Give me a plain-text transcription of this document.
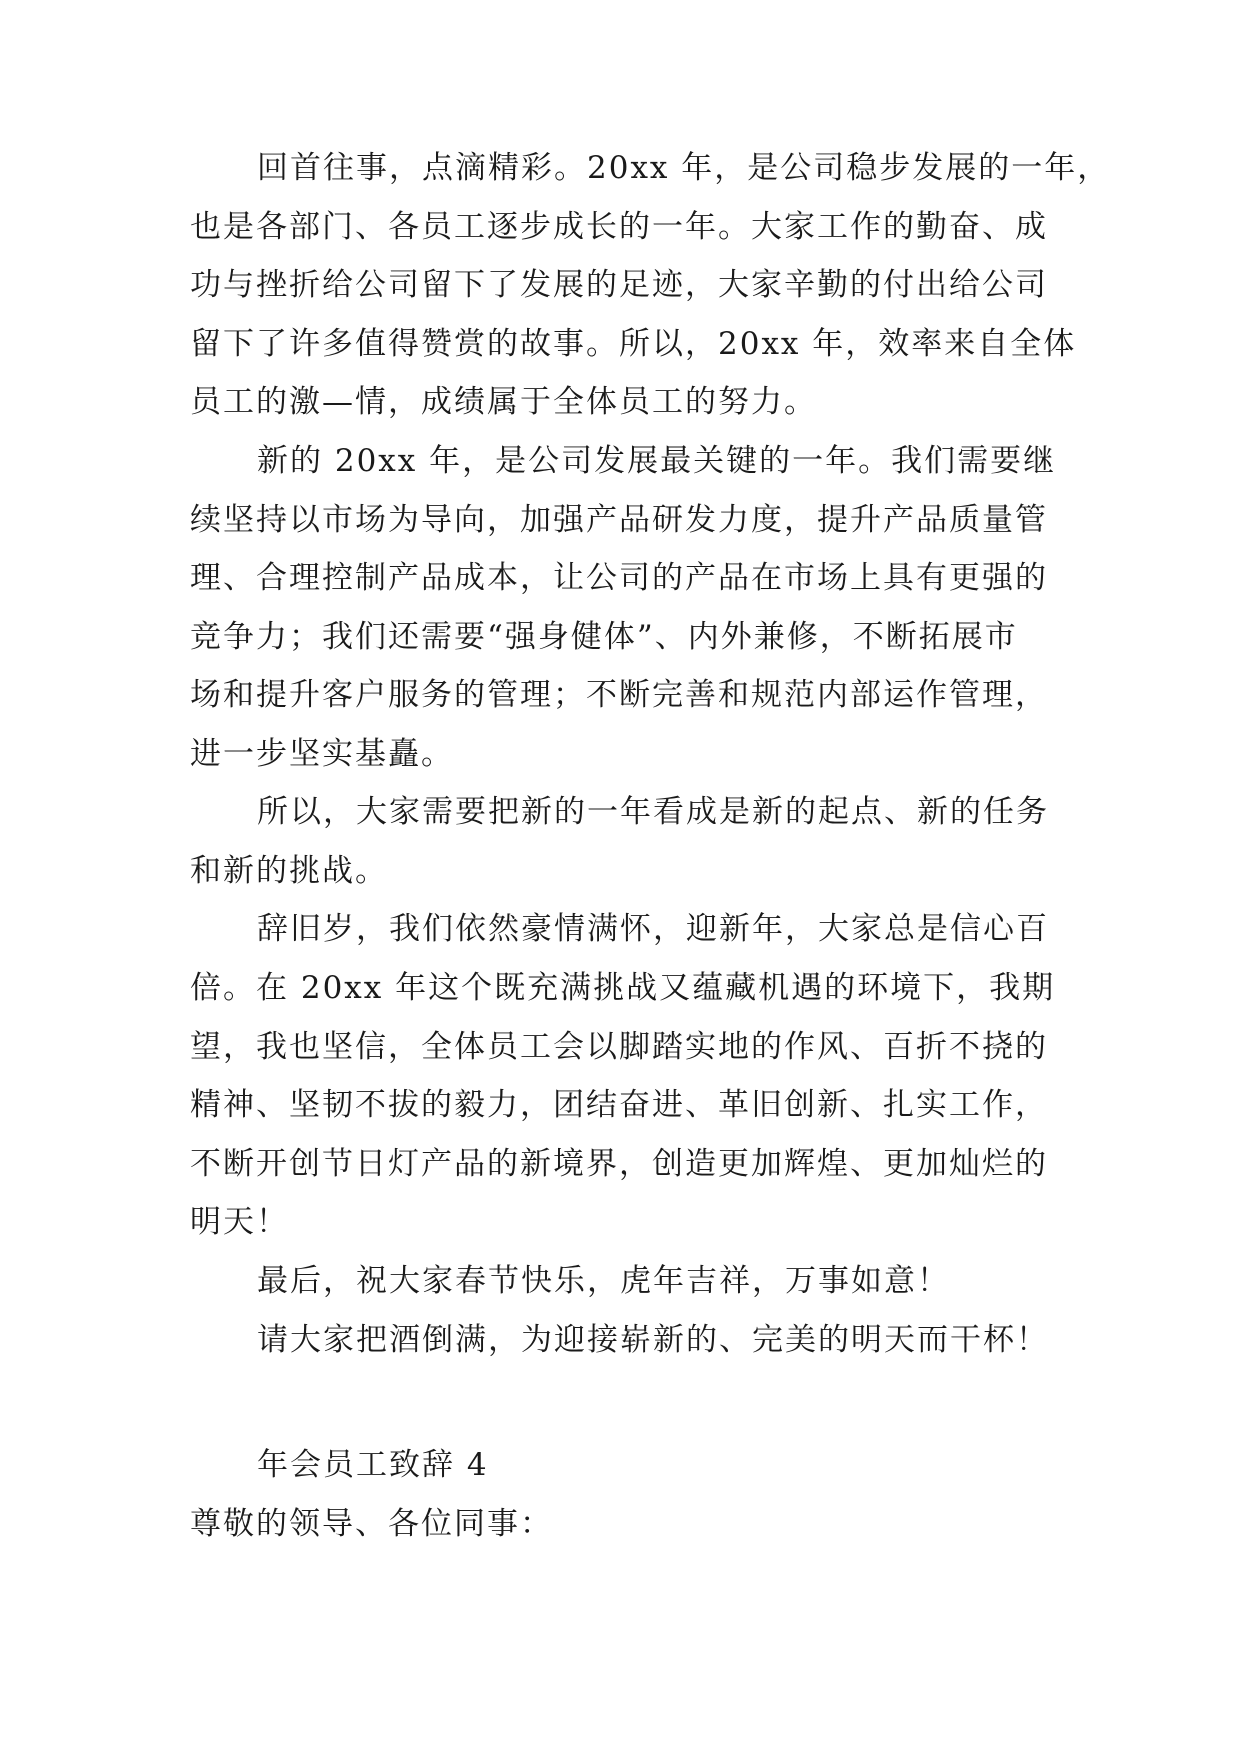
回首往事，点滴精彩。20xx 年，是公司稳步发展的一年，
也是各部门、各员工逐步成长的一年。大家工作的勤奋、成
功与挫折给公司留下了发展的足迹，大家辛勤的付出给公司
留下了许多值得赞赏的故事。所以，20xx 年，效率来自全体
员工的激—情，成绩属于全体员工的努力。
新的 20xx 年，是公司发展最关键的一年。我们需要继
续坚持以市场为导向，加强产品研发力度，提升产品质量管
理、合理控制产品成本，让公司的产品在市场上具有更强的
竞争力；我们还需要“强身健体”、内外兼修，不断拓展市
场和提升客户服务的管理；不断完善和规范内部运作管理，
进一步坚实基矗。
所以，大家需要把新的一年看成是新的起点、新的任务
和新的挑战。
辞旧岁，我们依然豪情满怀，迎新年，大家总是信心百
倍。在 20xx 年这个既充满挑战又蕴藏机遇的环境下，我期
望，我也坚信，全体员工会以脚踏实地的作风、百折不挠的
精神、坚韧不拔的毅力，团结奋进、革旧创新、扎实工作，
不断开创节日灯产品的新境界，创造更加辉煌、更加灿烂的
明天！
最后，祝大家春节快乐，虎年吉祥，万事如意！
请大家把酒倒满，为迎接崭新的、完美的明天而干杯！
年会员工致辞 4
尊敬的领导、各位同事：
